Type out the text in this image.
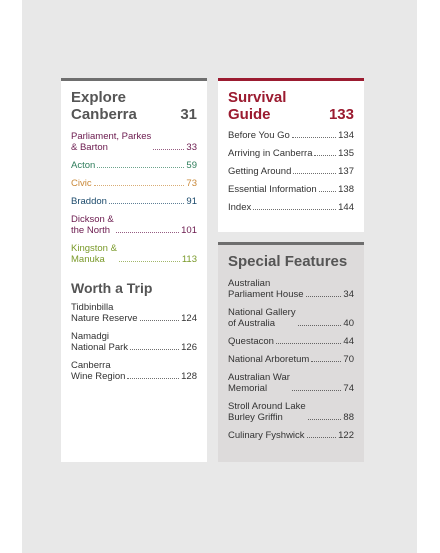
Explore
Canberra	31
Parliament, Parkes
& Barton	33
Acton	59
Civic	73
Braddon	91
Dickson &
the North	101
Kingston &
Manuka	113
Worth a Trip
Tidbinbilla
Nature Reserve	124
Namadgi
National Park	126
Canberra
Wine Region	128
Survival
Guide	133
Before You Go	134
Arriving in Canberra	135
Getting Around	137
Essential Information 138
Index	144
Special Features
Australian
Parliament House	34
National Gallery
of Australia	40
Questacon	44
National Arboretum	70
Australian War
Memorial	74
Stroll Around Lake
Burley Griffin	88
Culinary Fyshwick	122
